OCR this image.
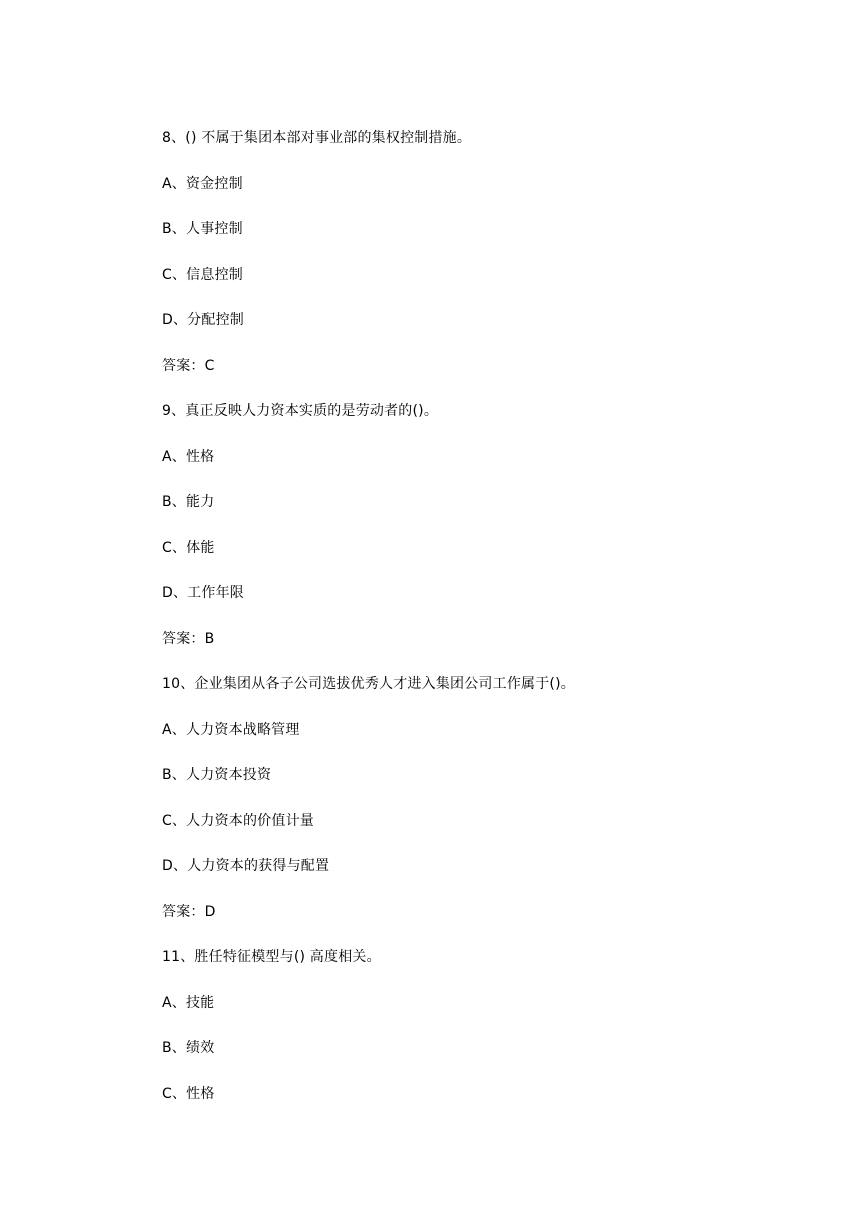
8、() 不属于集团本部对事业部的集权控制措施。
A、资金控制
B、人事控制
C、信息控制
D、分配控制
答案：C
9、真正反映人力资本实质的是劳动者的()。
A、性格
B、能力
C、体能
D、工作年限
答案：B
10、企业集团从各子公司选拔优秀人才进入集团公司工作属于()。
A、人力资本战略管理
B、人力资本投资
C、人力资本的价值计量
D、人力资本的获得与配置
答案：D
11、胜任特征模型与() 高度相关。
A、技能
B、绩效
C、性格
